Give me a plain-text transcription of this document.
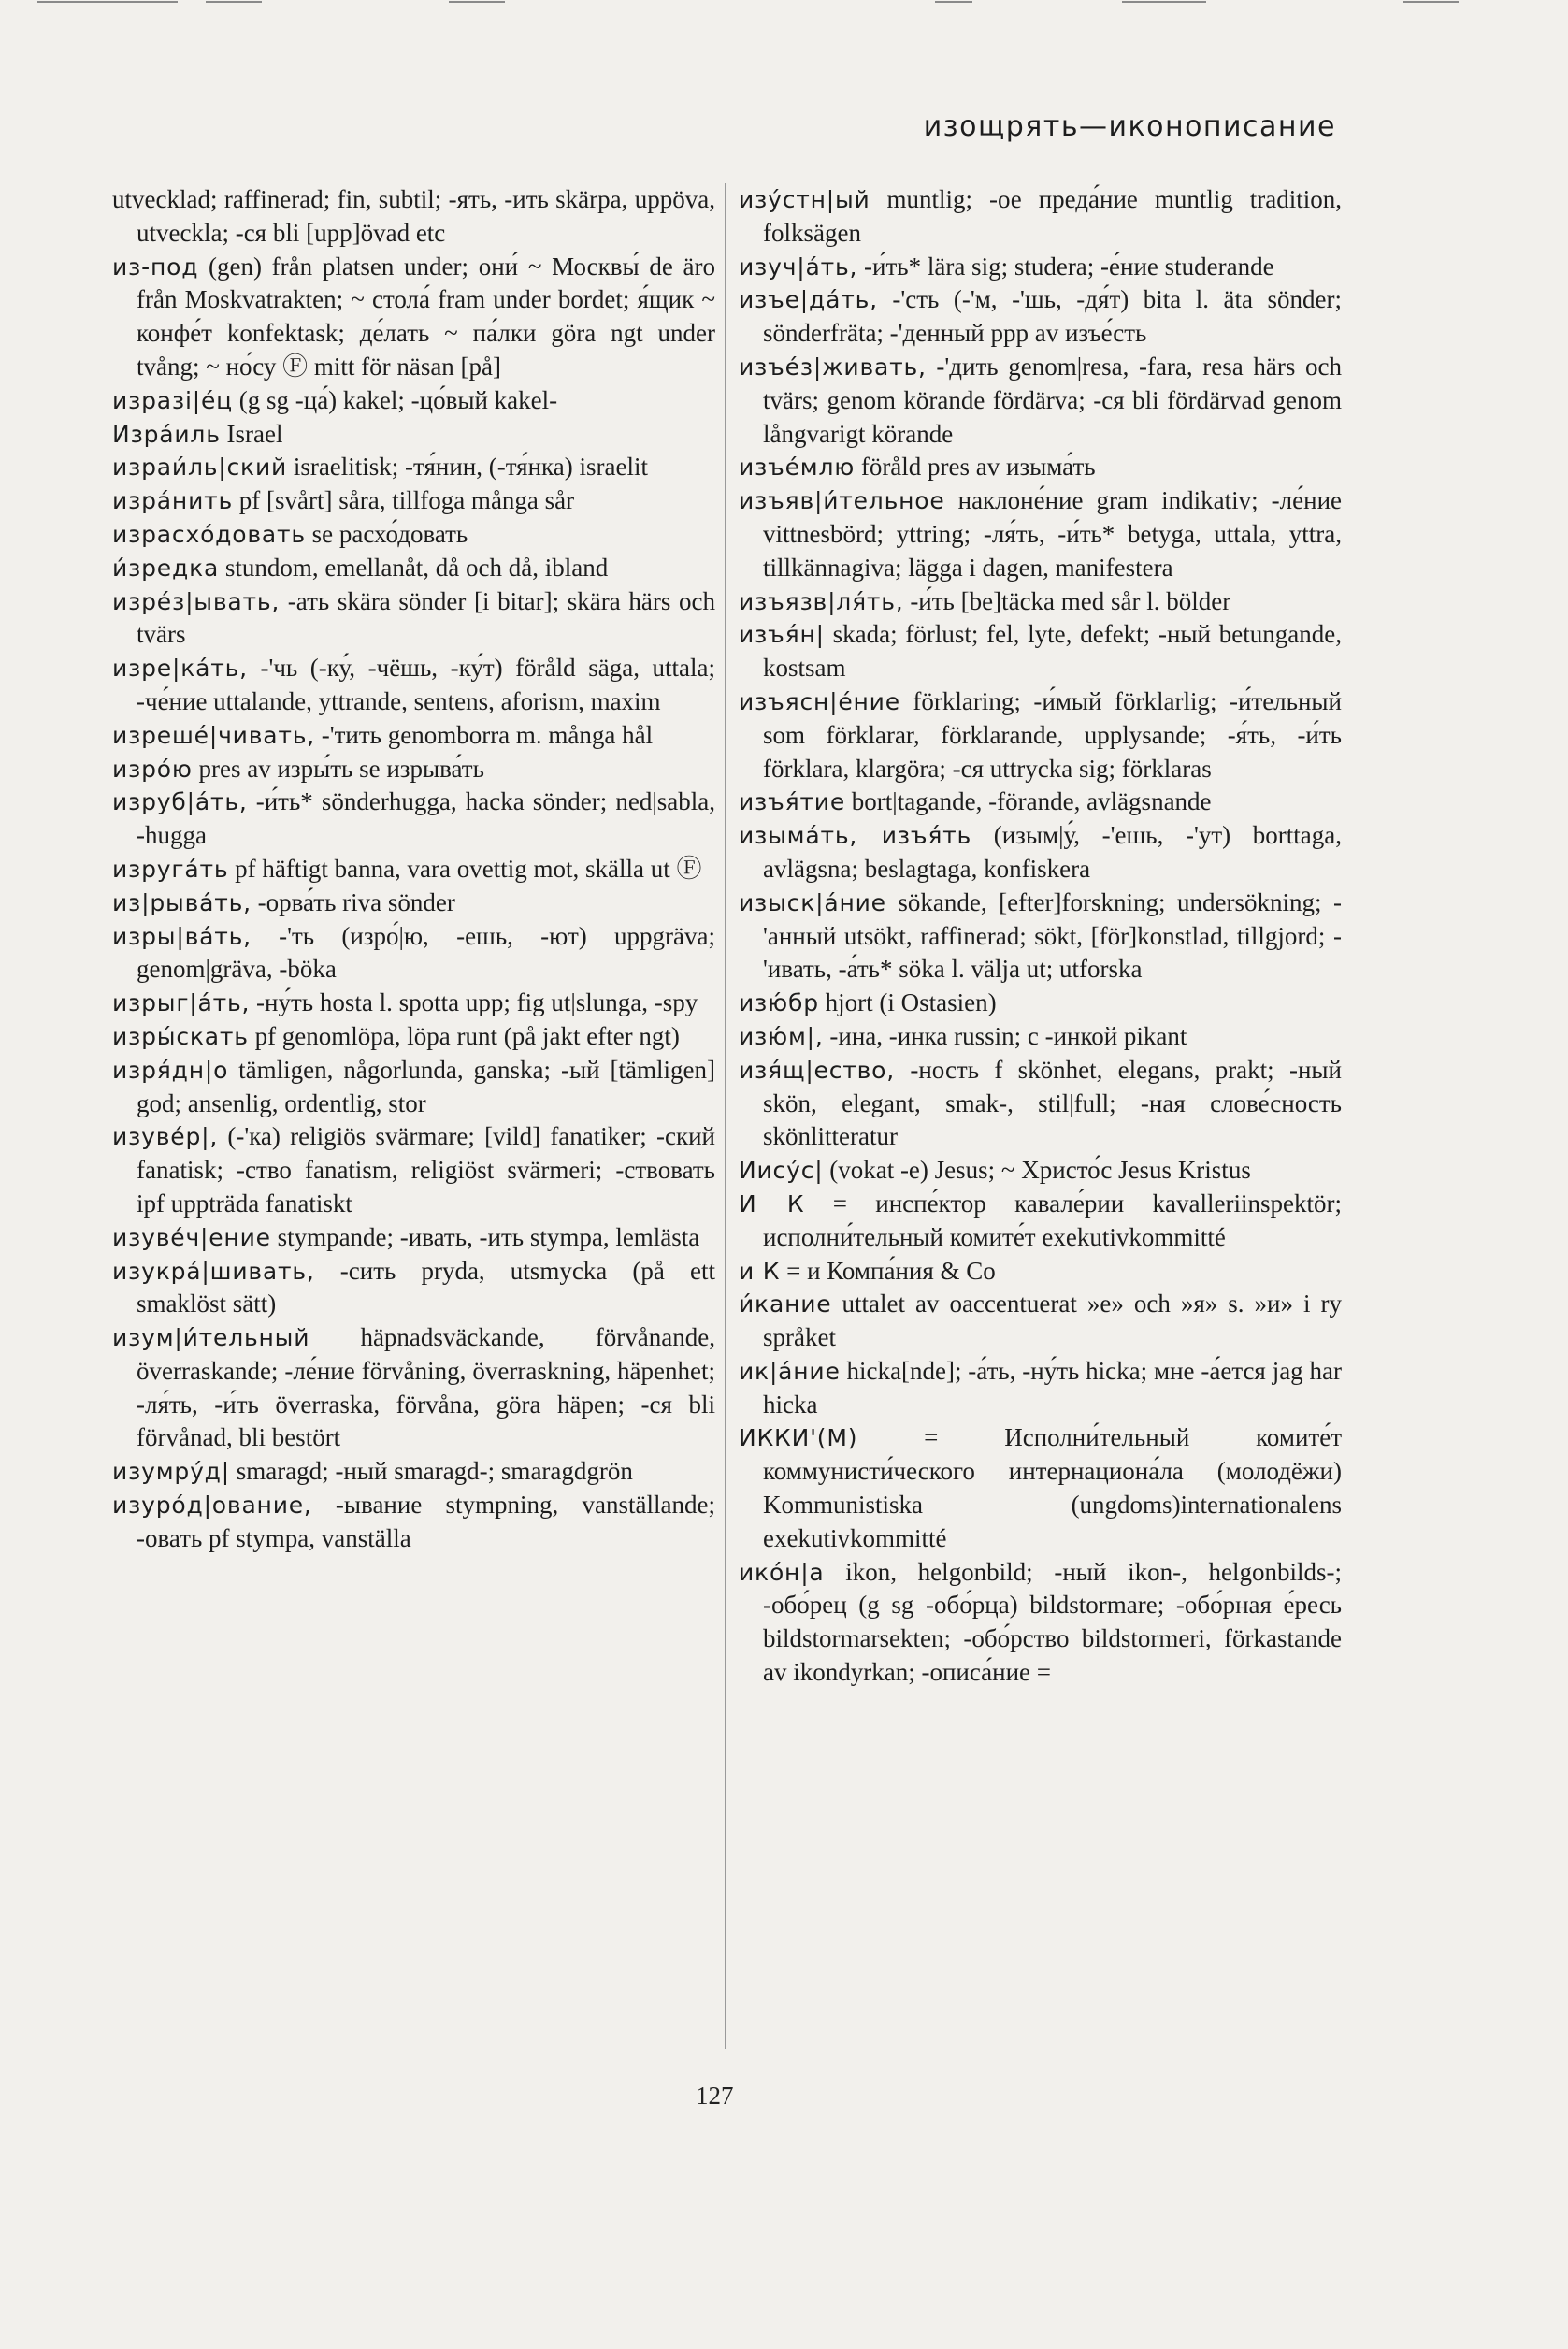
изощрять—иконописание

utvecklad; raffinerad; fin, subtil; -ять, -ить skärpa, uppöva, utveckla; -ся bli [upp]övad etc

из-под (gen) från platsen under; oни́ ~ Москвы́ de äro från Moskvatrakten; ~ стола́ fram under bordet; я́щик ~ конфе́т konfektask; де́лать ~ па́лки göra ngt under tvång; ~ но́су Ⓕ mitt för näsan [på]

изразі|е́ц (g sg -ца́) kakel; -цо́вый kakel-

Изра́иль Israel

израи́ль|ский israelitisk; -тя́нин, (-тя́нка) israelit

изра́нить pf [svårt] såra, tillfoga många sår

израсхо́довать se расхо́довать

и́зредка stundom, emellanåt, då och då, ibland

изре́з|ывать, -ать skära sönder [i bitar]; skära härs och tvärs

изре|ка́ть, -'чь (-ку́, -чёшь, -ку́т) föråld säga, uttala; -че́ние uttalande, yttrande, sentens, aforism, maxim

изреше́|чивать, -'тить genomborra m. många hål

изро́ю pres av изры́ть se изрыва́ть

изруб|а́ть, -и́ть* sönderhugga, hacka sönder; ned|sabla, -hugga

изруга́ть pf häftigt banna, vara ovettig mot, skälla ut Ⓕ

из|рыва́ть, -орва́ть riva sönder

изры|ва́ть, -'ть (изро́|ю, -ешь, -ют) uppgräva; genom|gräva, -böka

изрыг|а́ть, -ну́ть hosta l. spotta upp; fig ut|slunga, -spy

изры́скать pf genomlöpa, löpa runt (på jakt efter ngt)

изря́дн|о tämligen, någorlunda, ganska; -ый [tämligen] god; ansenlig, ordentlig, stor

изуве́р|, (-'ка) religiös svärmare; [vild] fanatiker; -ский fanatisk; -ство fanatism, religiöst svärmeri; -ствовать ipf uppträda fanatiskt

изуве́ч|ение stympande; -ивать, -ить stympa, lemlästa

изукра́|шивать, -сить pryda, utsmycka (på ett smaklöst sätt)

изум|и́тельный häpnadsväckande, förvånande, överraskande; -ле́ние förvåning, överraskning, häpenhet; -ля́ть, -и́ть överraska, förvåna, göra häpen; -ся bli förvånad, bli bestört

изумру́д| smaragd; -ный smaragd-; smaragdgrön

изуро́д|ование, -ывание stympning, vanställande; -овать pf stympa, vanställa

изу́стн|ый muntlig; -ое преда́ние muntlig tradition, folksägen

изуч|а́ть, -и́ть* lära sig; studera; -е́ние studerande

изъе|да́ть, -'сть (-'м, -'шь, -дя́т) bita l. äta sönder; sönderfräta; -'денный ppp av изъе́сть

изъе́з|живать, -'дить genom|resa, -fara, resa härs och tvärs; genom körande fördärva; -ся bli fördärvad genom långvarigt körande

изъе́млю föråld pres av изыма́ть

изъяв|и́тельное наклоне́ние gram indikativ; -ле́ние vittnesbörd; yttring; -ля́ть, -и́ть* betyga, uttala, yttra, tillkännagiva; lägga i dagen, manifestera

изъязв|ля́ть, -и́ть [be]täcka med sår l. bölder

изъя́н| skada; förlust; fel, lyte, defekt; -ный betungande, kostsam

изъясн|е́ние förklaring; -и́мый förklarlig; -и́тельный som förklarar, förklarande, upplysande; -я́ть, -и́ть förklara, klargöra; -ся uttrycka sig; förklaras

изъя́тие bort|tagande, -förande, avlägsnande

изыма́ть, изъя́ть (изым|у́, -'ешь, -'ут) borttaga, avlägsna; beslagtaga, konfiskera

изыск|а́ние sökande, [efter]forskning; undersökning; -'анный utsökt, raffinerad; sökt, [för]konstlad, tillgjord; -'ивать, -а́ть* söka l. välja ut; utforska

изю́бр hjort (i Ostasien)

изю́м|, -ина, -инка russin; с -инкой pikant

изя́щ|ество, -ность f skönhet, elegans, prakt; -ный skön, elegant, smak-, stil|full; -ная слове́сность skönlitteratur

Иису́с| (vokat -е) Jesus; ~ Христо́с Jesus Kristus

И К = инспе́ктор кавале́рии kavalleriinspektör; исполни́тельный комите́т exekutivkommitté

и К = и Компа́ния & Co

и́кание uttalet av oaccentuerat »е» och »я» s. »и» i ry språket

ик|а́ние hicka[nde]; -а́ть, -ну́ть hicka; мне -а́ется jag har hicka

ИККИ'(М)	= Исполни́тельный комите́т коммунисти́ческого интернациона́ла (молодёжи) Kommunistiska (ungdoms)internationalens exekutivkommitté

ико́н|а ikon, helgonbild; -ный ikon-, helgonbilds-; -обо́рец (g sg -обо́рца) bildstormare; -обо́рная е́ресь bildstormarsekten; -обо́рство bildstormeri, förkastande av ikondyrkan; -описа́ние =

127
